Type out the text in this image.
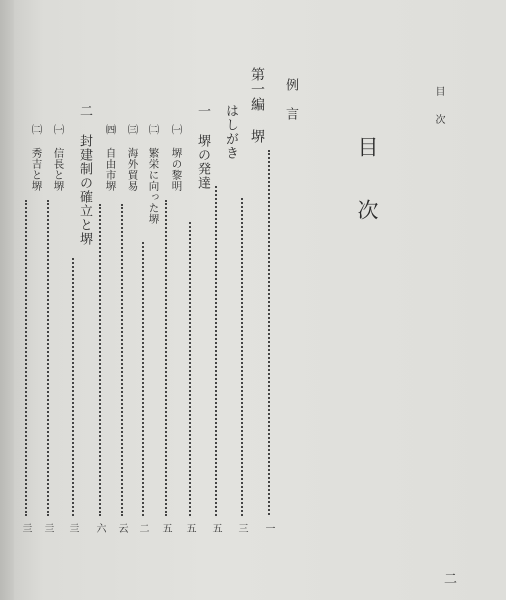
目次
目次
例言
一
第一編 堺
三
はしがき
五
一 堺の発達
五
㈠ 堺の黎明
五
㈡ 繁栄に向った堺
二
㈢ 海外貿易
云
㈣ 自由市堺
六
二 封建制の確立と堺
亖
㈠ 信長と堺
亖
㈡ 秀吉と堺
亖
二
